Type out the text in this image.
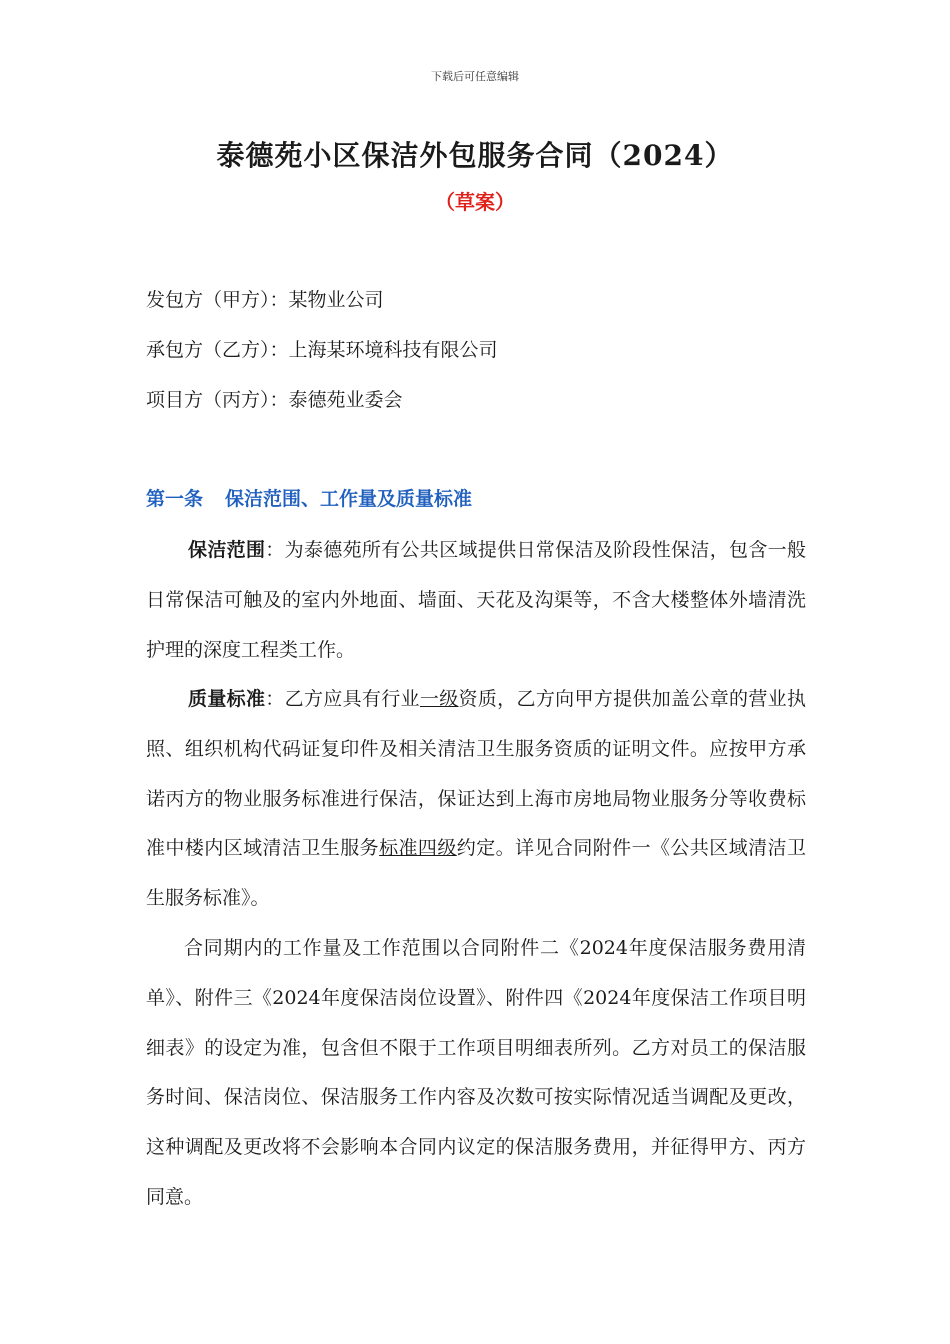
下载后可任意编辑
泰德苑小区保洁外包服务合同（2024）
（草案）
发包方（甲方）：某物业公司
承包方（乙方）：上海某环境科技有限公司
项目方（丙方）：泰德苑业委会
第一条 保洁范围、工作量及质量标准
保洁范围：为泰德苑所有公共区域提供日常保洁及阶段性保洁，包含一般日常保洁可触及的室内外地面、墙面、天花及沟渠等，不含大楼整体外墙清洗护理的深度工程类工作。
质量标准：乙方应具有行业一级资质，乙方向甲方提供加盖公章的营业执照、组织机构代码证复印件及相关清洁卫生服务资质的证明文件。应按甲方承诺丙方的物业服务标准进行保洁，保证达到上海市房地局物业服务分等收费标准中楼内区域清洁卫生服务标准四级约定。详见合同附件一《公共区域清洁卫生服务标准》。
合同期内的工作量及工作范围以合同附件二《2024年度保洁服务费用清单》、附件三《2024年度保洁岗位设置》、附件四《2024年度保洁工作项目明细表》的设定为准，包含但不限于工作项目明细表所列。乙方对员工的保洁服务时间、保洁岗位、保洁服务工作内容及次数可按实际情况适当调配及更改，这种调配及更改将不会影响本合同内议定的保洁服务费用，并征得甲方、丙方同意。
